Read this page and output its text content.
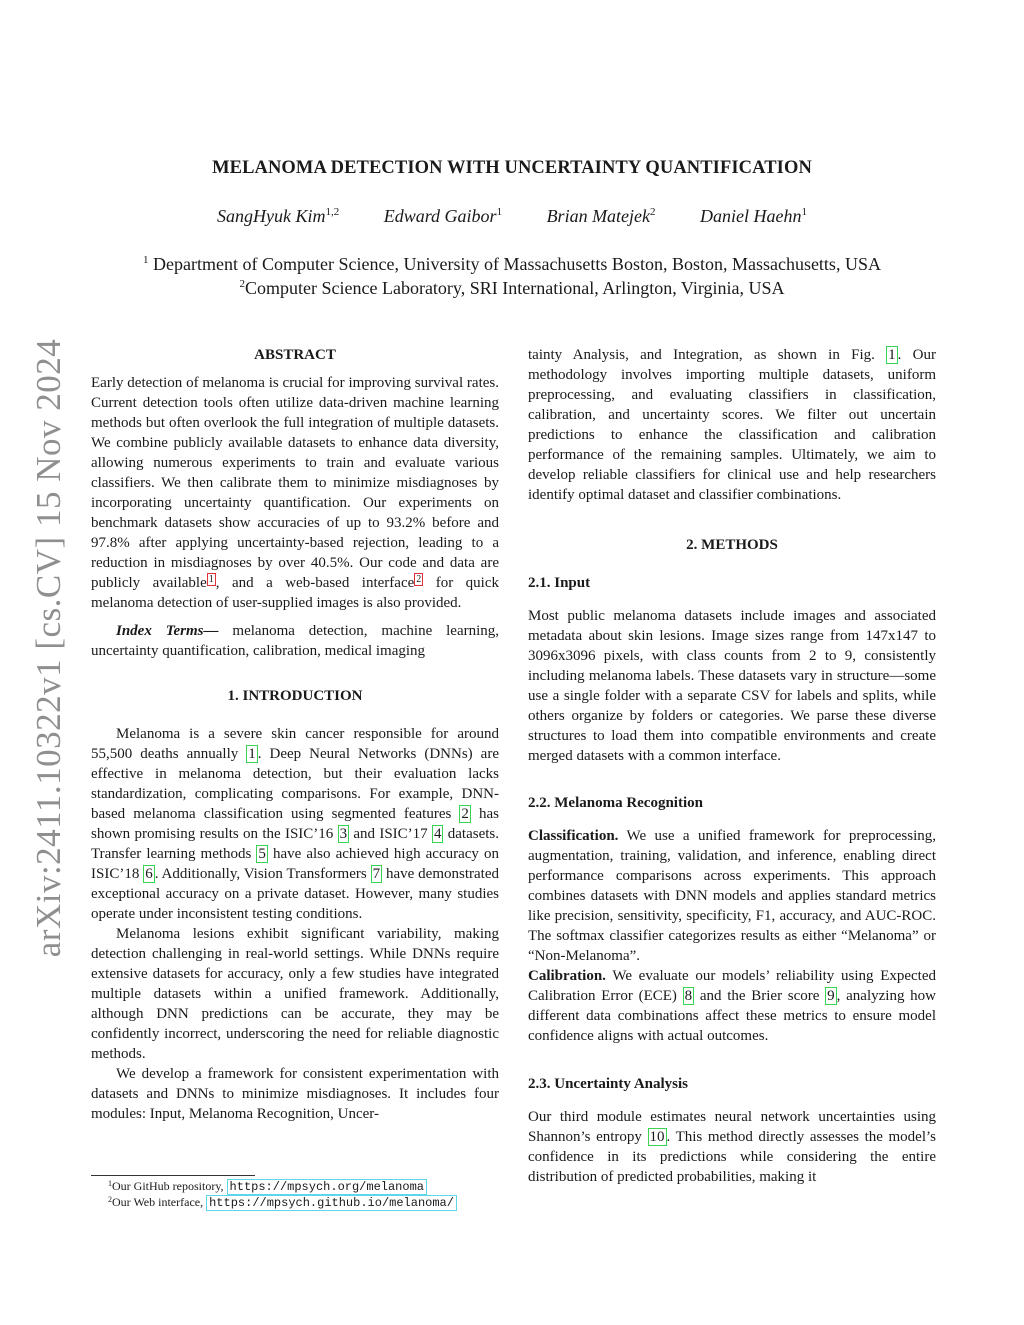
arXiv:2411.10322v1 [cs.CV] 15 Nov 2024
MELANOMA DETECTION WITH UNCERTAINTY QUANTIFICATION
SangHyuk Kim$^{1,2}$ Edward Gaibor$^1$ Brian Matejek$^2$ Daniel Haehn$^1$
$^1$ Department of Computer Science, University of Massachusetts Boston, Boston, Massachusetts, USA
$^2$Computer Science Laboratory, SRI International, Arlington, Virginia, USA
ABSTRACT

Early detection of melanoma is crucial for improving survival rates. Current detection tools often utilize data-driven machine learning methods but often overlook the full integration of multiple datasets. We combine publicly available datasets to enhance data diversity, allowing numerous experiments to train and evaluate various classifiers. We then calibrate them to minimize misdiagnoses by incorporating uncertainty quantification. Our experiments on benchmark datasets show accuracies of up to 93.2% before and 97.8% after applying uncertainty-based rejection, leading to a reduction in misdiagnoses by over 40.5%. Our code and data are publicly available $^1$ , and a web-based interface $^2$ for quick melanoma detection of user-supplied images is also provided.

Index Terms— melanoma detection, machine learning, uncertainty quantification, calibration, medical imaging

1. INTRODUCTION

Melanoma is a severe skin cancer responsible for around 55,500 deaths annually 1 . Deep Neural Networks (DNNs) are effective in melanoma detection, but their evaluation lacks standardization, complicating comparisons. For example, DNN-based melanoma classification using segmented features 2 has shown promising results on the ISIC’16 3 and ISIC’17 4 datasets. Transfer learning methods 5 have also achieved high accuracy on ISIC’18 6 . Additionally, Vision Transformers 7 have demonstrated exceptional accuracy on a private dataset. However, many studies operate under inconsistent testing conditions.

Melanoma lesions exhibit significant variability, making detection challenging in real-world settings. While DNNs require extensive datasets for accuracy, only a few studies have integrated multiple datasets within a unified framework. Additionally, although DNN predictions can be accurate, they may be confidently incorrect, underscoring the need for reliable diagnostic methods.

We develop a framework for consistent experimentation with datasets and DNNs to minimize misdiagnoses. It includes four modules: Input, Melanoma Recognition, Uncer-

tainty Analysis, and Integration, as shown in Fig. 1 . Our methodology involves importing multiple datasets, uniform preprocessing, and evaluating classifiers in classification, calibration, and uncertainty scores. We filter out uncertain predictions to enhance the classification and calibration performance of the remaining samples. Ultimately, we aim to develop reliable classifiers for clinical use and help researchers identify optimal dataset and classifier combinations.

2. METHODS
2.1. Input

Most public melanoma datasets include images and associated metadata about skin lesions. Image sizes range from 147x147 to 3096x3096 pixels, with class counts from 2 to 9, consistently including melanoma labels. These datasets vary in structure—some use a single folder with a separate CSV for labels and splits, while others organize by folders or categories. We parse these diverse structures to load them into compatible environments and create merged datasets with a common interface.

2.2. Melanoma Recognition

Classification. We use a unified framework for preprocessing, augmentation, training, validation, and inference, enabling direct performance comparisons across experiments. This approach combines datasets with DNN models and applies standard metrics like precision, sensitivity, specificity, F1, accuracy, and AUC-ROC. The softmax classifier categorizes results as either “Melanoma” or “Non-Melanoma”.

Calibration. We evaluate our models’ reliability using Expected Calibration Error (ECE) 8 and the Brier score 9 , analyzing how different data combinations affect these metrics to ensure model confidence aligns with actual outcomes.

2.3. Uncertainty Analysis

Our third module estimates neural network uncertainties using Shannon’s entropy 10 . This method directly assesses the model’s confidence in its predictions while considering the entire distribution of predicted probabilities, making it

$^1$Our GitHub repository, https://mpsych.org/melanoma
$^2$Our Web interface, https://mpsych.github.io/melanoma/
